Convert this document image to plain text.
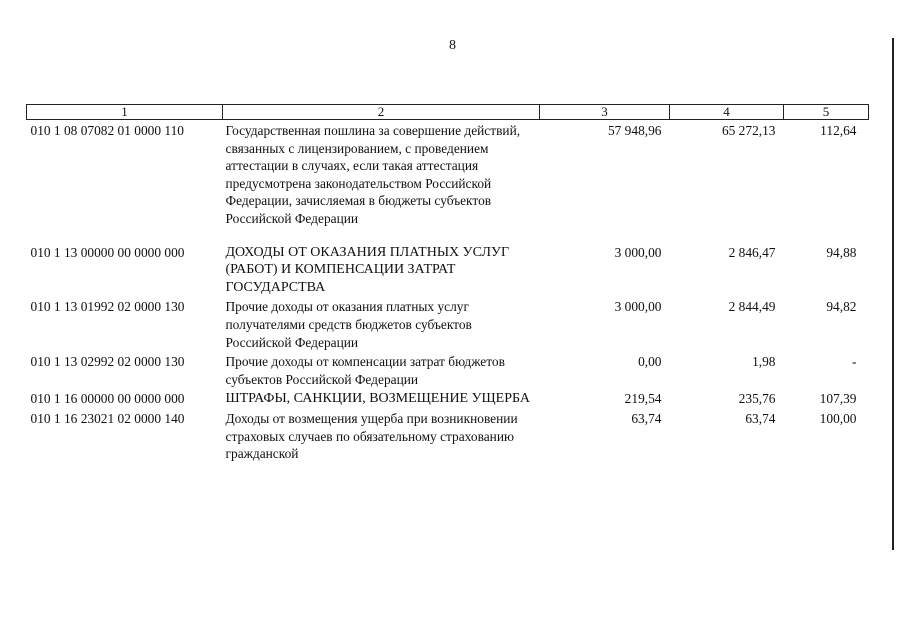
8
1	2	3	4	5
010 1 08 07082 01 0000 110	Государственная пошлина за совершение действий, связанных с лицензированием, с проведением аттестации в случаях, если такая аттестация предусмотрена законодательством Российской Федерации, зачисляемая в бюджеты субъектов Российской Федерации	57 948,96	65 272,13	112,64
010 1 13 00000 00 0000 000	ДОХОДЫ ОТ ОКАЗАНИЯ ПЛАТНЫХ УСЛУГ (РАБОТ) И КОМПЕНСАЦИИ ЗАТРАТ ГОСУДАРСТВА	3 000,00	2 846,47	94,88
010 1 13 01992 02 0000 130	Прочие доходы от оказания платных услуг получателями средств бюджетов субъектов Российской Федерации	3 000,00	2 844,49	94,82
010 1 13 02992 02 0000 130	Прочие доходы от компенсации затрат бюджетов субъектов Российской Федерации	0,00	1,98	-
010 1 16 00000 00 0000 000	ШТРАФЫ, САНКЦИИ, ВОЗМЕЩЕНИЕ УЩЕРБА	219,54	235,76	107,39
010 1 16 23021 02 0000 140	Доходы от возмещения ущерба при возникновении страховых случаев по обязательному страхованию гражданской	63,74	63,74	100,00
